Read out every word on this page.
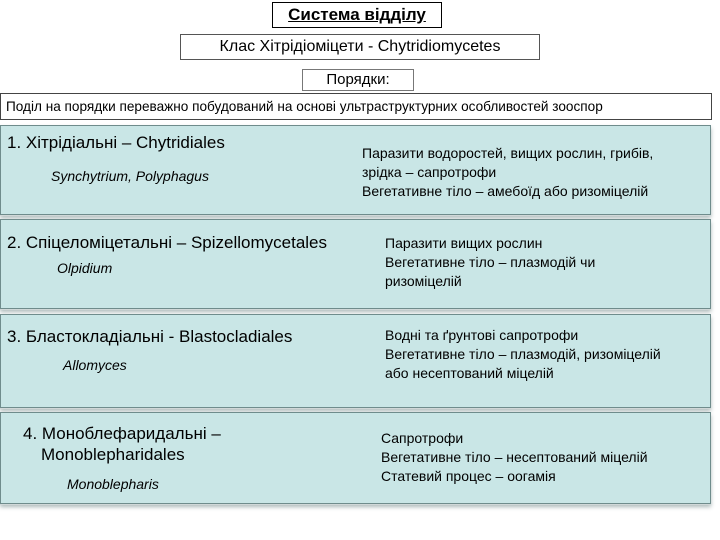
Система відділу
Клас Хітрідіоміцети - Chytridiomycetes
Порядки:
Поділ на порядки переважно побудований на основі ультраструктурних особливостей зооспор
1. Хітрідіальні – Chytridiales
Synchytrium, Polyphagus
Паразити водоростей, вищих рослин, грибів,
зрідка – сапротрофи
Вегетативне тіло – амебоїд або ризоміцелій
2. Спіцеломіцетальні – Spizellomycetales
Olpidium
Паразити вищих рослин
Вегетативне тіло – плазмодій чи
ризоміцелій
3. Бластокладіальні - Blastocladiales
Allomyces
Водні та ґрунтові сапротрофи
Вегетативне тіло – плазмодій, ризоміцелій
або несептований міцелій
4. Моноблефаридальні –
Monoblepharidales
Monoblepharis
Сапротрофи
Вегетативне тіло – несептований міцелій
Статевий процес – оогамія
